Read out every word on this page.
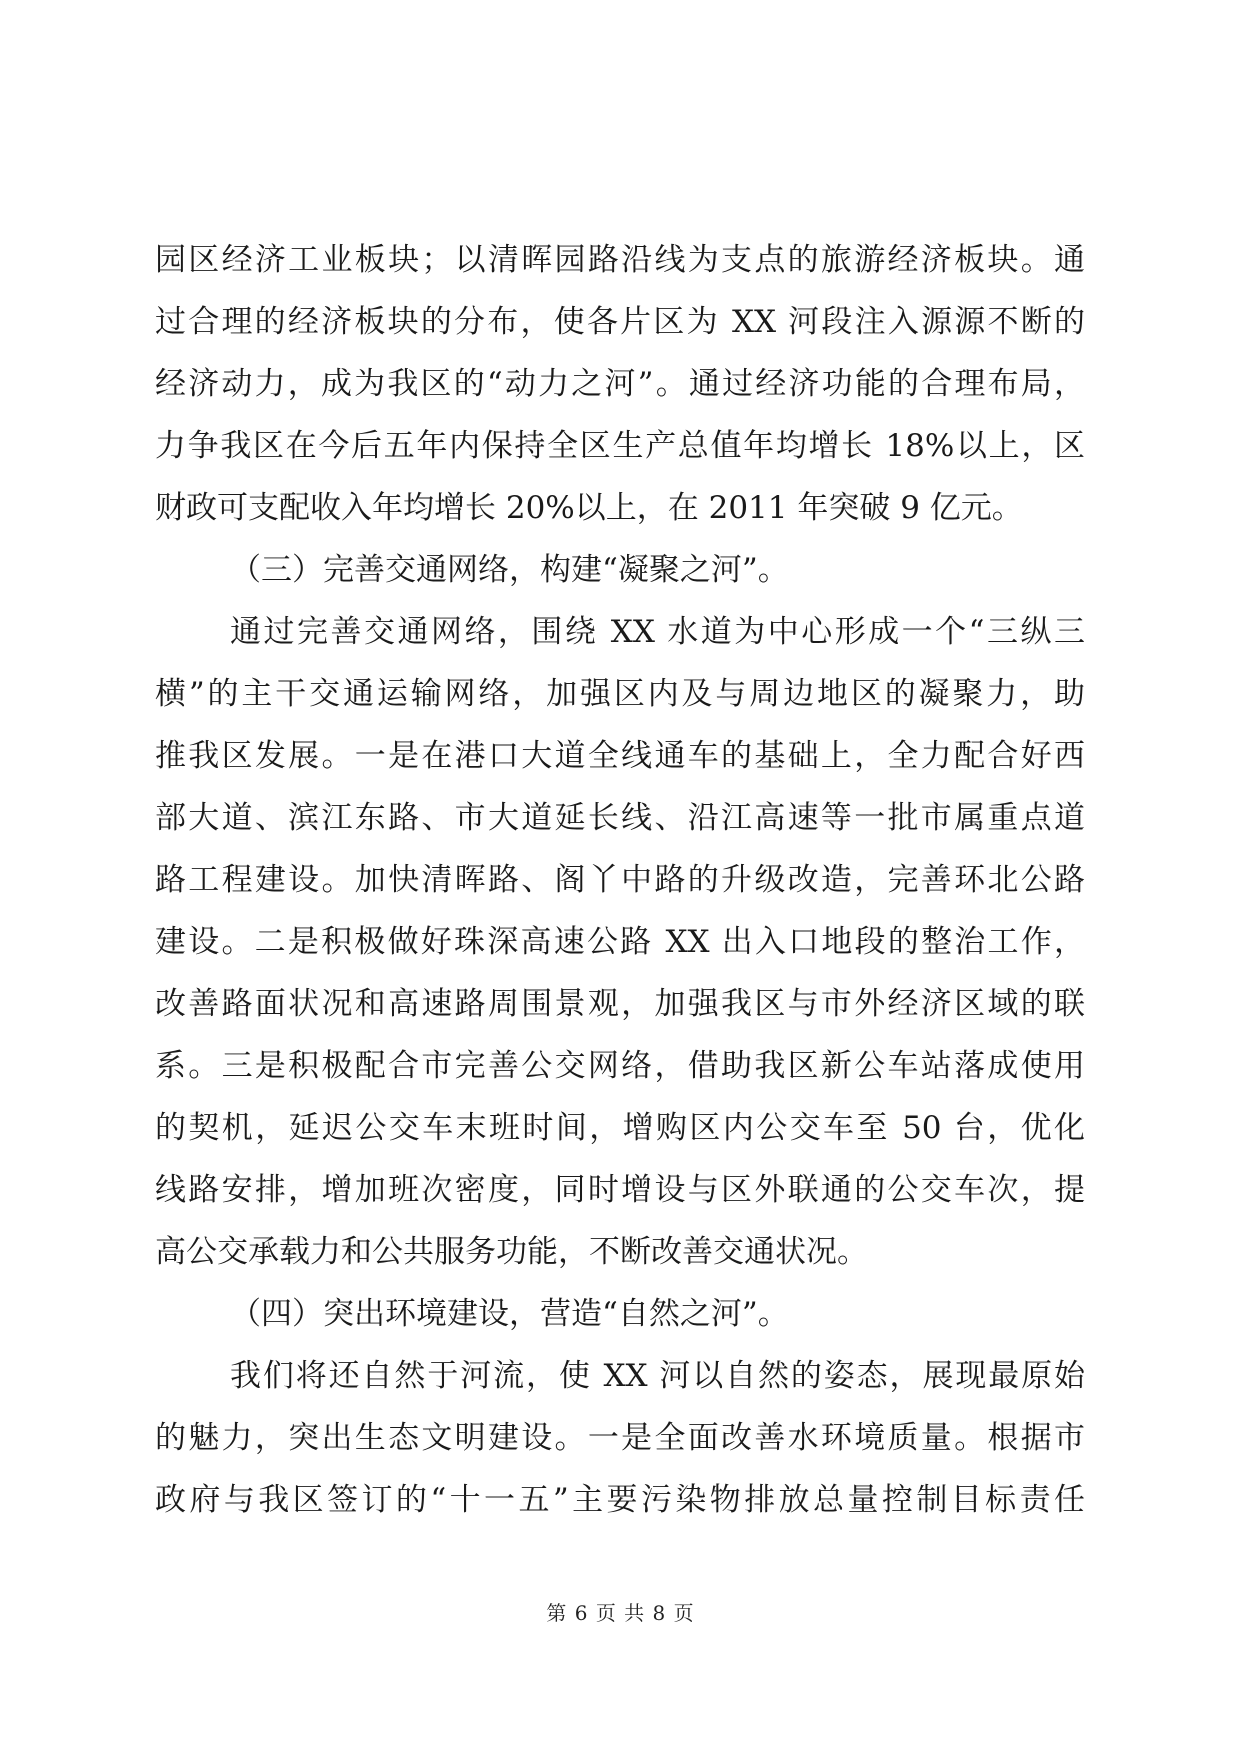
园区经济工业板块；以清晖园路沿线为支点的旅游经济板块。通
过合理的经济板块的分布，使各片区为 XX 河段注入源源不断的
经济动力，成为我区的“动力之河”。通过经济功能的合理布局，
力争我区在今后五年内保持全区生产总值年均增长 18%以上，区
财政可支配收入年均增长 20%以上，在 2011 年突破 9 亿元。
（三）完善交通网络，构建“凝聚之河”。
通过完善交通网络，围绕 XX 水道为中心形成一个“三纵三
横”的主干交通运输网络，加强区内及与周边地区的凝聚力，助
推我区发展。一是在港口大道全线通车的基础上，全力配合好西
部大道、滨江东路、市大道延长线、沿江高速等一批市属重点道
路工程建设。加快清晖路、阁丫中路的升级改造，完善环北公路
建设。二是积极做好珠深高速公路 XX 出入口地段的整治工作，
改善路面状况和高速路周围景观，加强我区与市外经济区域的联
系。三是积极配合市完善公交网络，借助我区新公车站落成使用
的契机，延迟公交车末班时间，增购区内公交车至 50 台，优化
线路安排，增加班次密度，同时增设与区外联通的公交车次，提
高公交承载力和公共服务功能，不断改善交通状况。
（四）突出环境建设，营造“自然之河”。
我们将还自然于河流，使 XX 河以自然的姿态，展现最原始
的魅力，突出生态文明建设。一是全面改善水环境质量。根据市
政府与我区签订的“十一五”主要污染物排放总量控制目标责任
第 6 页 共 8 页
